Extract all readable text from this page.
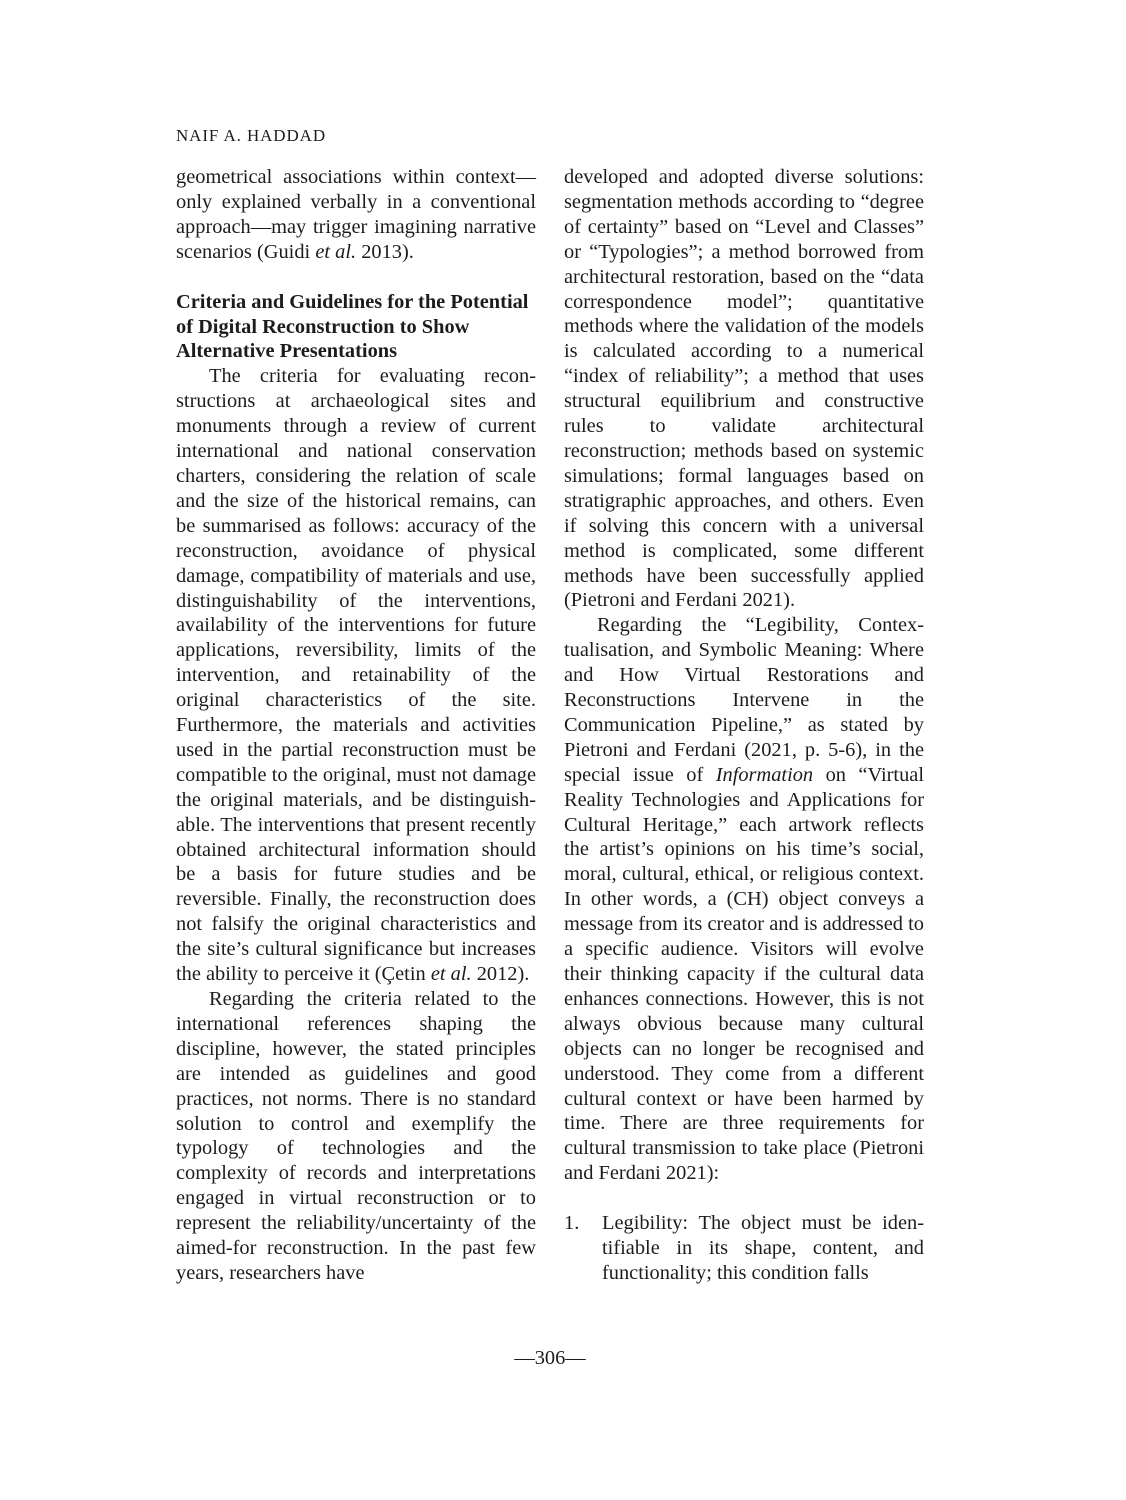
NAIF A. HADDAD
geometrical associations within context—only explained verbally in a conventional approach—may trigger imagining narrative scenarios (Guidi et al. 2013).
Criteria and Guidelines for the Potential of Digital Reconstruction to Show Alternative Presentations
The criteria for evaluating reconstructions at archaeological sites and monuments through a review of current international and national conservation charters, considering the relation of scale and the size of the historical remains, can be summarised as follows: accuracy of the reconstruction, avoidance of physical damage, compatibility of materials and use, distinguishability of the interventions, availability of the interventions for future applications, reversibility, limits of the intervention, and retainability of the original characteristics of the site. Furthermore, the materials and activities used in the partial reconstruction must be compatible to the original, must not damage the original materials, and be distinguishable. The interventions that present recently obtained architectural information should be a basis for future studies and be reversible. Finally, the reconstruction does not falsify the original characteristics and the site’s cultural significance but increases the ability to perceive it (Çetin et al. 2012).
Regarding the criteria related to the international references shaping the discipline, however, the stated principles are intended as guidelines and good practices, not norms. There is no standard solution to control and exemplify the typology of technologies and the complexity of records and interpretations engaged in virtual reconstruction or to represent the reliability/uncertainty of the aimed-for reconstruction. In the past few years, researchers have
developed and adopted diverse solutions: segmentation methods according to “degree of certainty” based on “Level and Classes” or “Typologies”; a method borrowed from architectural restoration, based on the “data correspondence model”; quantitative methods where the validation of the models is calculated according to a numerical “index of reliability”; a method that uses structural equilibrium and constructive rules to validate architectural reconstruction; methods based on systemic simulations; formal languages based on stratigraphic approaches, and others. Even if solving this concern with a universal method is complicated, some different methods have been successfully applied (Pietroni and Ferdani 2021).
Regarding the “Legibility, Contextualisation, and Symbolic Meaning: Where and How Virtual Restorations and Reconstructions Intervene in the Communication Pipeline,” as stated by Pietroni and Ferdani (2021, p. 5-6), in the special issue of Information on “Virtual Reality Technologies and Applications for Cultural Heritage,” each artwork reflects the artist’s opinions on his time’s social, moral, cultural, ethical, or religious context. In other words, a (CH) object conveys a message from its creator and is addressed to a specific audience. Visitors will evolve their thinking capacity if the cultural data enhances connections. However, this is not always obvious because many cultural objects can no longer be recognised and understood. They come from a different cultural context or have been harmed by time. There are three requirements for cultural transmission to take place (Pietroni and Ferdani 2021):
1. Legibility: The object must be identifiable in its shape, content, and functionality; this condition falls
—306—
